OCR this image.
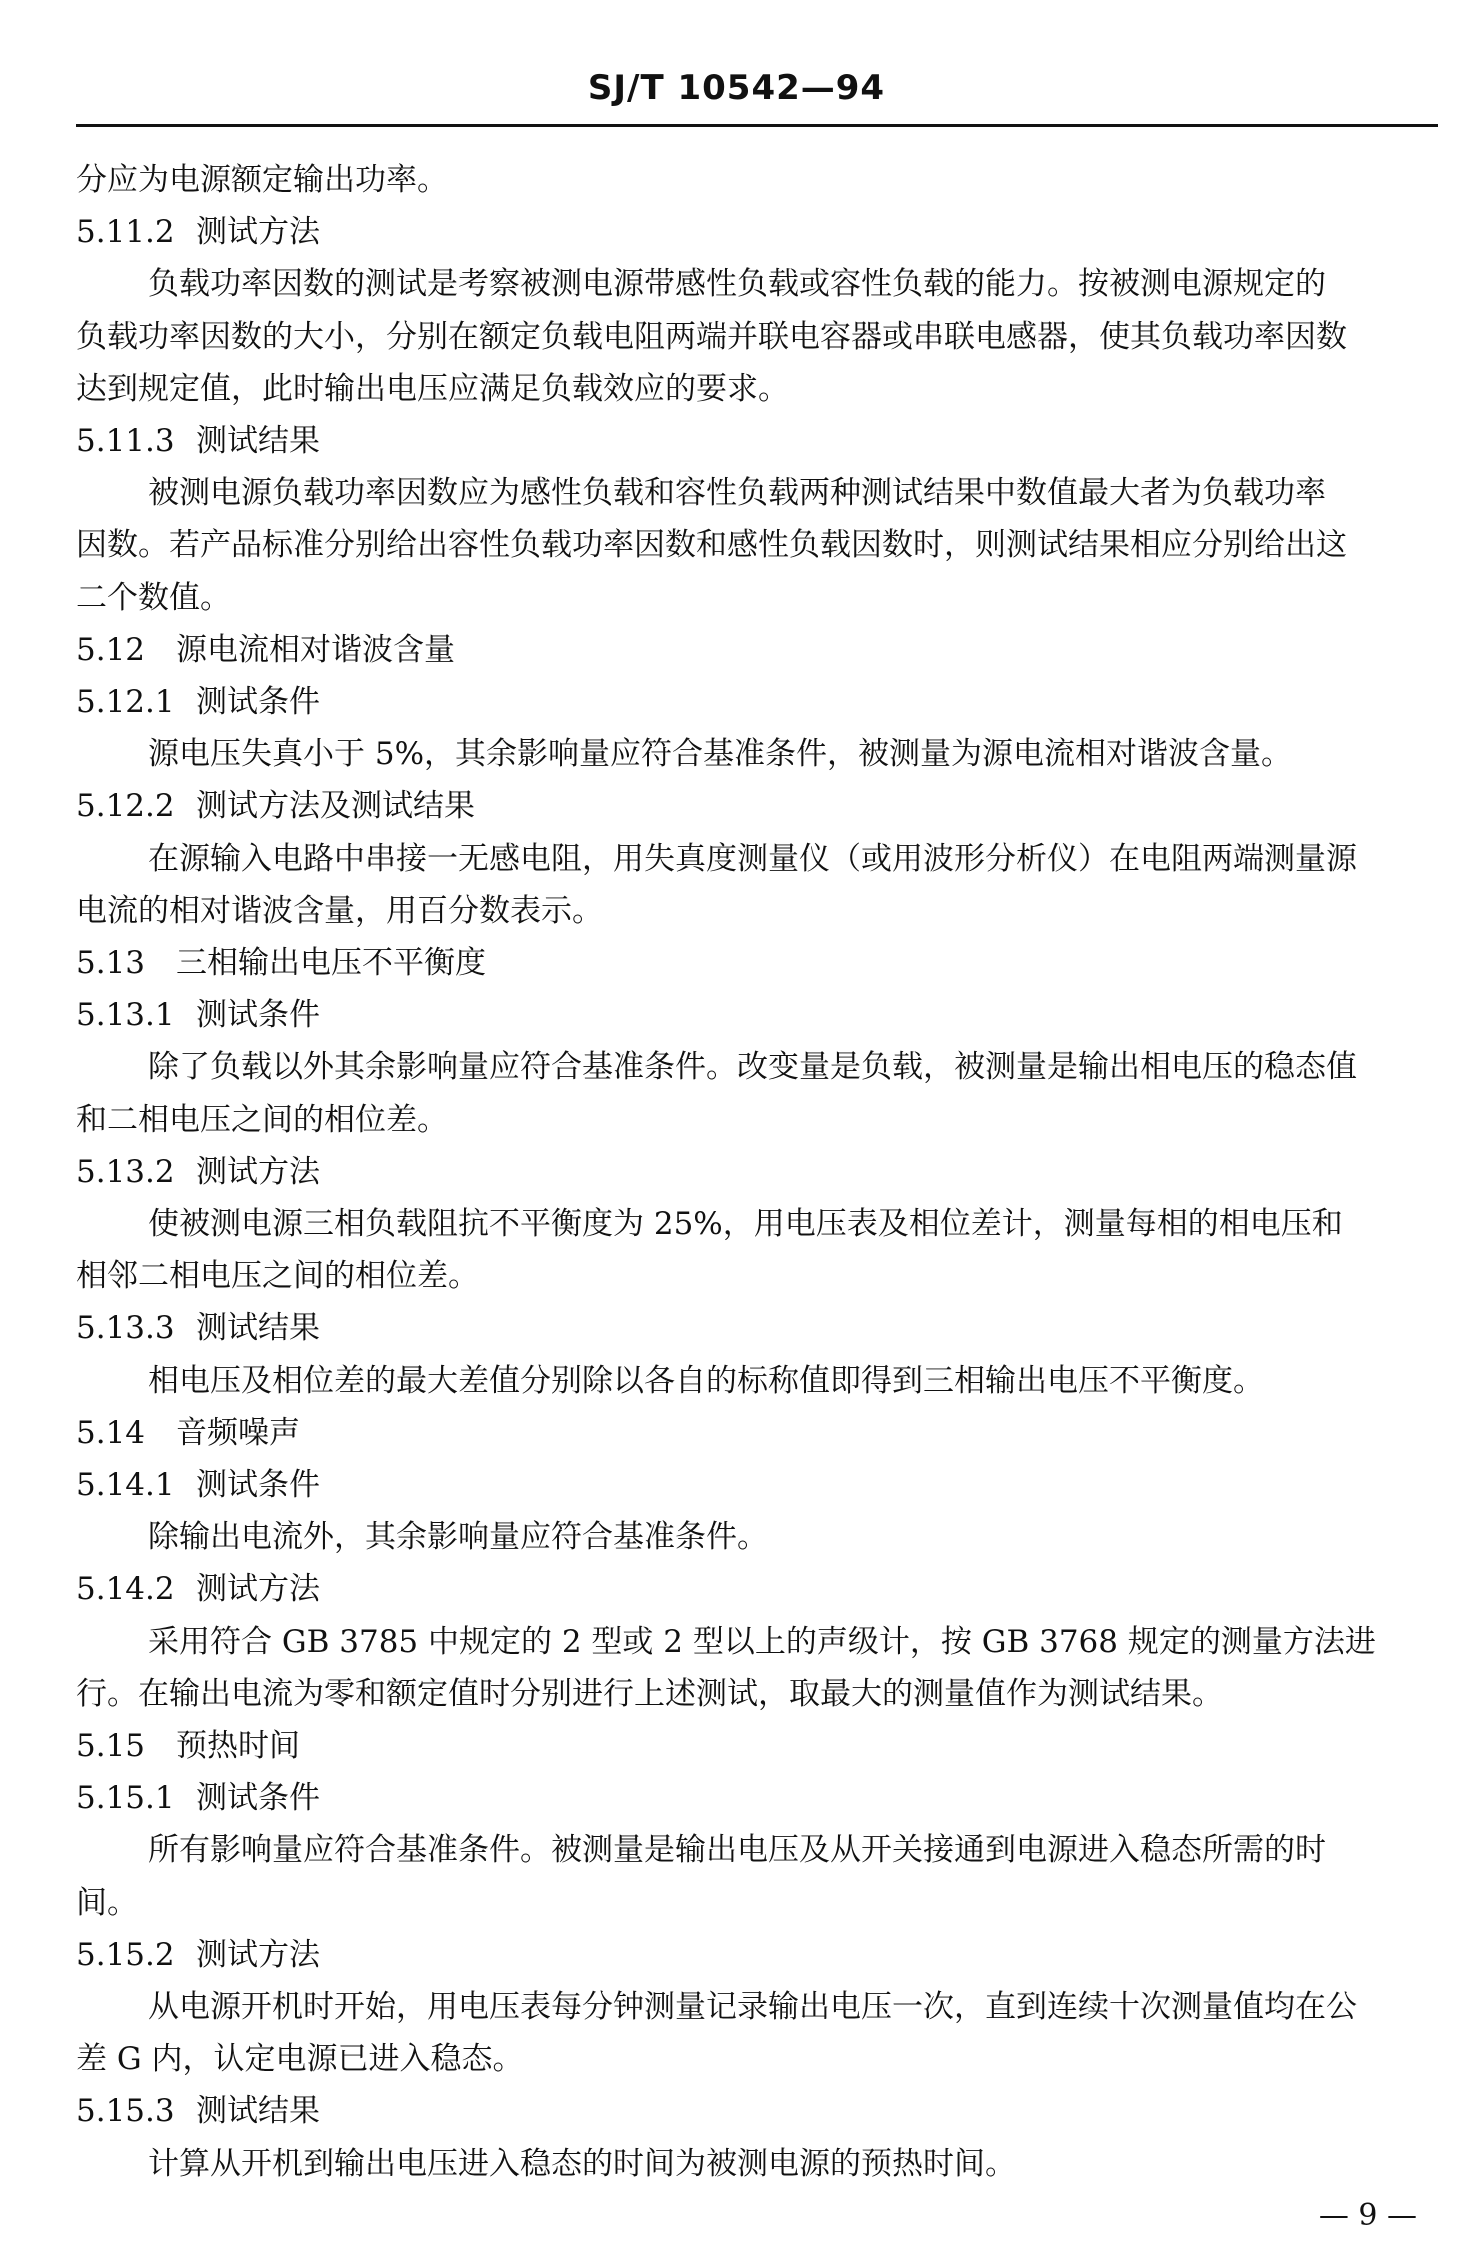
SJ/T 10542—94
分应为电源额定输出功率。
5.11.2 测试方法
负载功率因数的测试是考察被测电源带感性负载或容性负载的能力。按被测电源规定的
负载功率因数的大小，分别在额定负载电阻两端并联电容器或串联电感器，使其负载功率因数
达到规定值，此时输出电压应满足负载效应的要求。
5.11.3 测试结果
被测电源负载功率因数应为感性负载和容性负载两种测试结果中数值最大者为负载功率
因数。若产品标准分别给出容性负载功率因数和感性负载因数时，则测试结果相应分别给出这
二个数值。
5.12 源电流相对谐波含量
5.12.1 测试条件
源电压失真小于 5%，其余影响量应符合基准条件，被测量为源电流相对谐波含量。
5.12.2 测试方法及测试结果
在源输入电路中串接一无感电阻，用失真度测量仪（或用波形分析仪）在电阻两端测量源
电流的相对谐波含量，用百分数表示。
5.13 三相输出电压不平衡度
5.13.1 测试条件
除了负载以外其余影响量应符合基准条件。改变量是负载，被测量是输出相电压的稳态值
和二相电压之间的相位差。
5.13.2 测试方法
使被测电源三相负载阻抗不平衡度为 25%，用电压表及相位差计，测量每相的相电压和
相邻二相电压之间的相位差。
5.13.3 测试结果
相电压及相位差的最大差值分别除以各自的标称值即得到三相输出电压不平衡度。
5.14 音频噪声
5.14.1 测试条件
除输出电流外，其余影响量应符合基准条件。
5.14.2 测试方法
采用符合 GB 3785 中规定的 2 型或 2 型以上的声级计，按 GB 3768 规定的测量方法进
行。在输出电流为零和额定值时分别进行上述测试，取最大的测量值作为测试结果。
5.15 预热时间
5.15.1 测试条件
所有影响量应符合基准条件。被测量是输出电压及从开关接通到电源进入稳态所需的时
间。
5.15.2 测试方法
从电源开机时开始，用电压表每分钟测量记录输出电压一次，直到连续十次测量值均在公
差 G 内，认定电源已进入稳态。
5.15.3 测试结果
计算从开机到输出电压进入稳态的时间为被测电源的预热时间。
— 9 —
